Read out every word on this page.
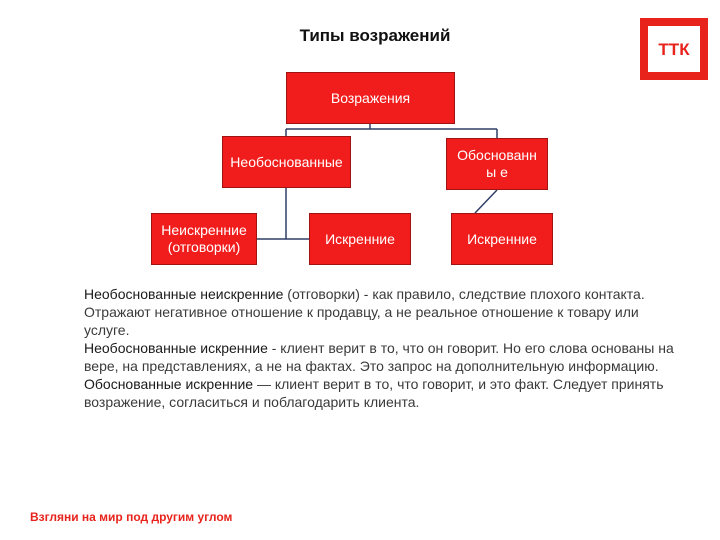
Типы возражений
ТТК
Возражения
Необоснованные	Обоснованны е
Неискренние (отговорки)
Искренние	Искренние

Необоснованные неискренние (отговорки) - как правило, следствие плохого контакта. Отражают негативное отношение к продавцу, а не реальное отношение к товару или услуге.

Необоснованные искренние - клиент верит в то, что он говорит. Но его слова основаны на вере, на представлениях, а не на фактах. Это запрос на дополнительную информацию.

Обоснованные искренние — клиент верит в то, что говорит, и это факт. Следует принять возражение, согласиться и поблагодарить клиента.

Взгляни на мир под другим углом
